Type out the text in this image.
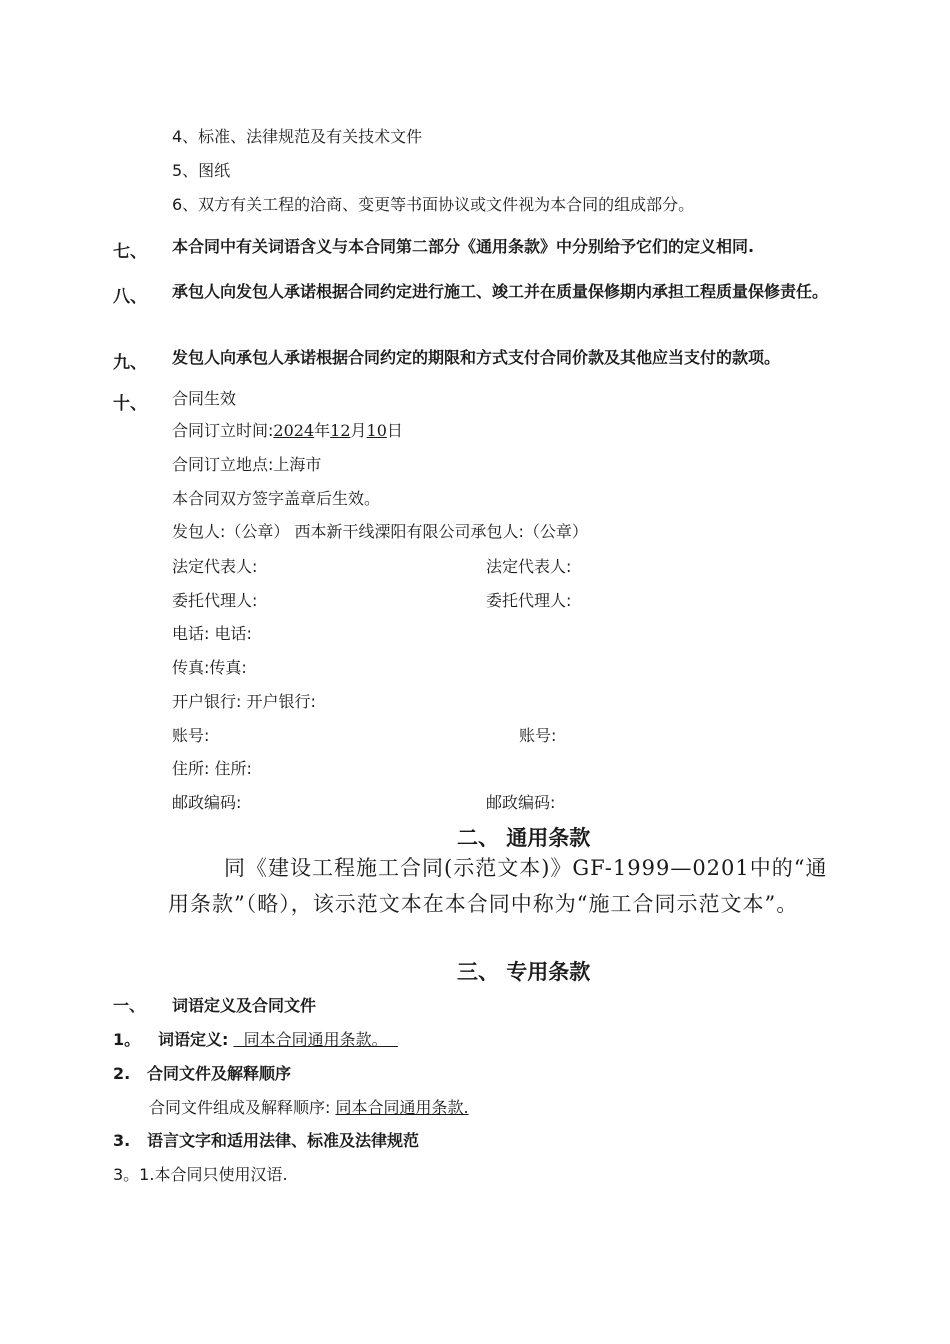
4、标准、法律规范及有关技术文件
5、图纸
6、双方有关工程的洽商、变更等书面协议或文件视为本合同的组成部分。
七、 本合同中有关词语含义与本合同第二部分《通用条款》中分别给予它们的定义相同.
八、 承包人向发包人承诺根据合同约定进行施工、竣工并在质量保修期内承担工程质量保修责任。
九、 发包人向承包人承诺根据合同约定的期限和方式支付合同价款及其他应当支付的款项。
十、 合同生效
合同订立时间:2024年12月10日
合同订立地点:上海市
本合同双方签字盖章后生效。
发包人:（公章） 西本新干线溧阳有限公司承包人:（公章）
法定代表人:	法定代表人:
委托代理人:	委托代理人:
电话: 电话:
传真:传真:
开户银行: 开户银行:
账号:	账号:
住所: 住所:
邮政编码:	邮政编码:
二、 通用条款
同《建设工程施工合同(示范文本)》GF-1999—0201中的“通用条款”（略），该示范文本在本合同中称为“施工合同示范文本”。
三、 专用条款
一、 词语定义及合同文件
1。 词语定义:   同本合同通用条款。
2. 合同文件及解释顺序
合同文件组成及解释顺序: 同本合同通用条款.
3. 语言文字和适用法律、标准及法律规范
3。1.本合同只使用汉语.
